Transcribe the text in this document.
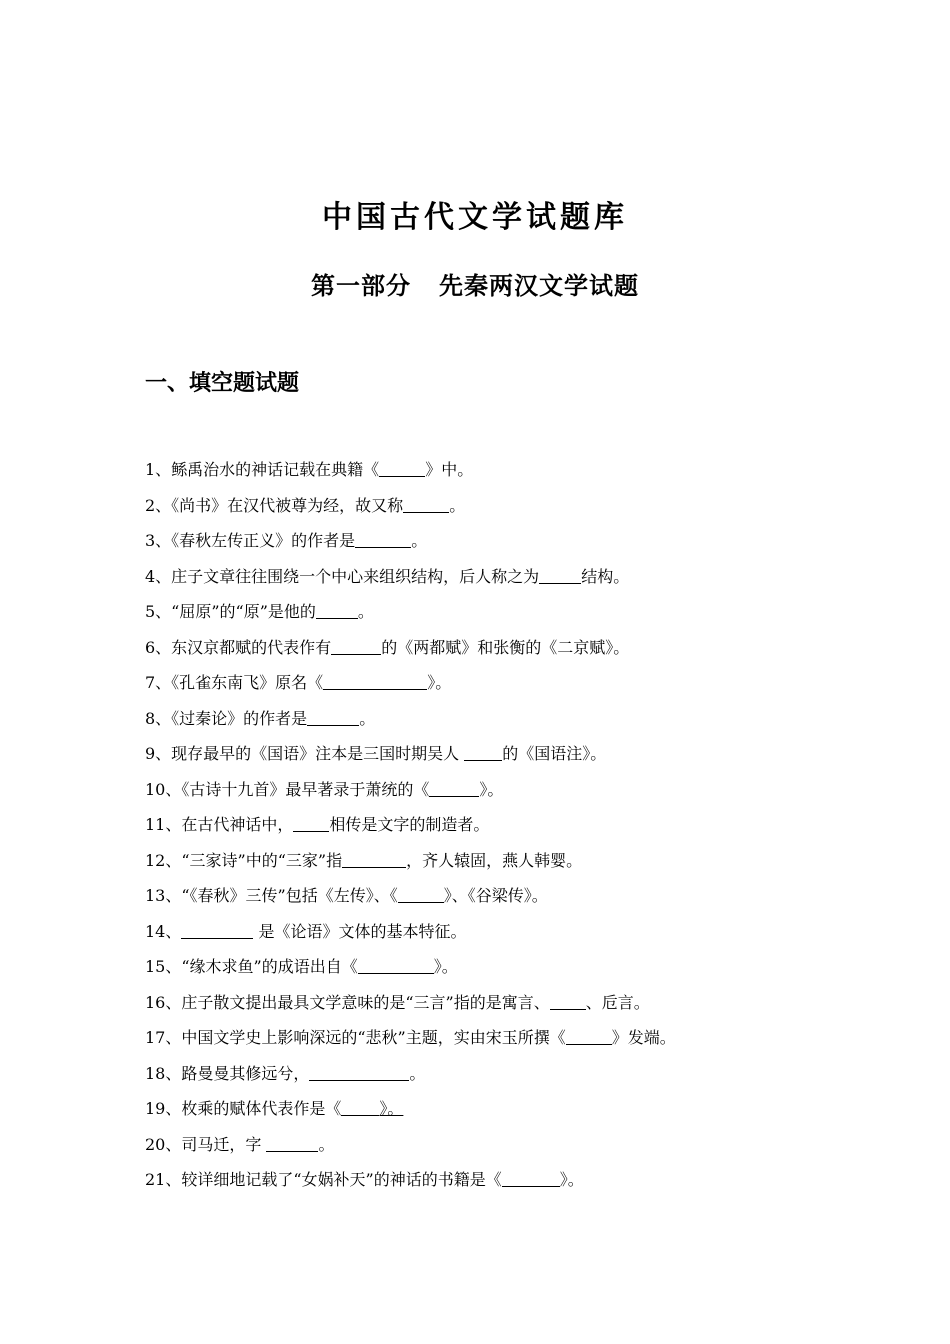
中国古代文学试题库
第一部分   先秦两汉文学试题
一、填空题试题
1、鲧禹治水的神话记载在典籍《	》中。
2、《尚书》在汉代被尊为经，故又称	。
3、《春秋左传正义》的作者是	。
4、庄子文章往往围绕一个中心来组织结构，后人称之为	结构。
5、“屈原”的“原”是他的	。
6、东汉京都赋的代表作有	的《两都赋》和张衡的《二京赋》。
7、《孔雀东南飞》原名《	》。
8、《过秦论》的作者是	。
9、现存最早的《国语》注本是三国时期吴人 的《国语注》。
10、《古诗十九首》最早著录于萧统的《	》。
11、在古代神话中， 相传是文字的制造者。
12、“三家诗”中的“三家”指	，齐人辕固，燕人韩婴。
13、“《春秋》三传”包括《左传》、《	》、《谷梁传》。
14、	是《论语》文体的基本特征。
15、“缘木求鱼”的成语出自《	》。
16、庄子散文提出最具文学意味的是“三言”指的是寓言、 、卮言。
17、中国文学史上影响深远的“悲秋”主题，实由宋玉所撰《	》发端。
18、路曼曼其修远兮，	。
19、枚乘的赋体代表作是《 》。
20、司马迁，字	。
21、较详细地记载了“女娲补天”的神话的书籍是《	》。
